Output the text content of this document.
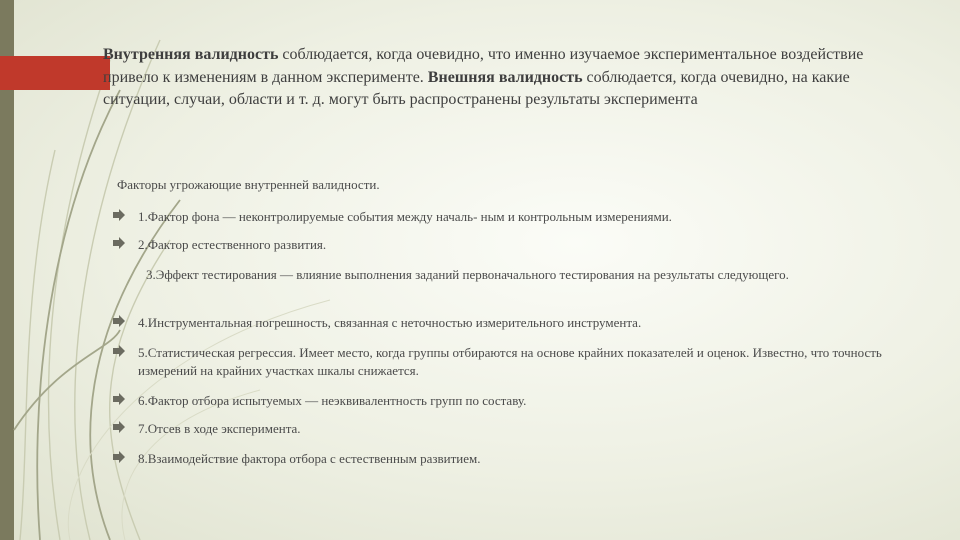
Внутренняя валидность соблюдается, когда очевидно, что именно изучаемое экспериментальное воздействие привело к изменениям в данном эксперименте. Внешняя валидность соблюдается, когда очевидно, на какие ситуации, случаи, области и т. д. могут быть распространены результаты эксперимента
Факторы угрожающие внутренней валидности.
1.Фактор фона — неконтролируемые события между началь- ным и контрольным измерениями.
2.Фактор естественного развития.
3.Эффект тестирования — влияние выполнения заданий первоначального тестирования на результаты следующего.
4.Инструментальная погрешность, связанная с неточностью измерительного инструмента.
5.Статистическая регрессия. Имеет место, когда группы отбираются на основе крайних показателей и оценок. Известно, что точность измерений на крайних участках шкалы снижается.
6.Фактор отбора испытуемых — неэквивалентность групп по составу.
7.Отсев в ходе эксперимента.
8.Взаимодействие фактора отбора с естественным развитием.
